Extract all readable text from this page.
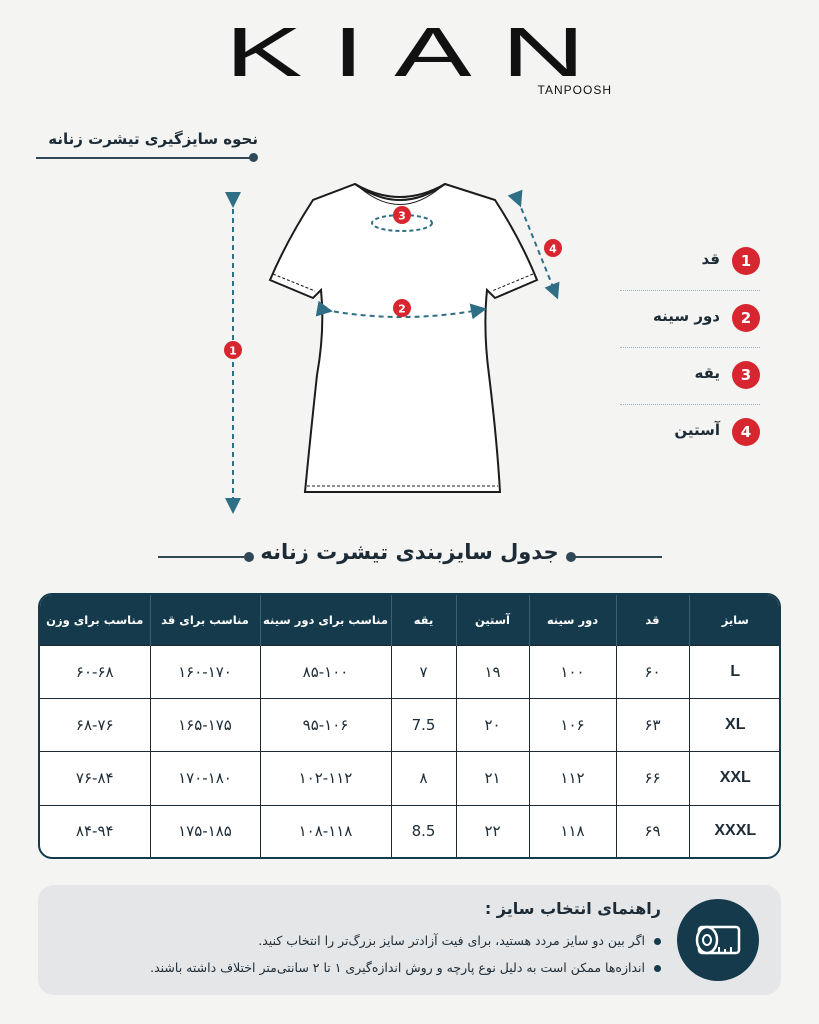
KIAN
TANPOOSH
نحوه سایزگیری تیشرت زنانه
1
2
3
4
1
قد
2
دور سینه
3
یقه
4
آستین
جدول سایزبندی تیشرت زنانه
سایز	قد	دور سینه	آستین	یقه	مناسب برای دور سینه	مناسب برای قد	مناسب برای وزن
L	۶۰	۱۰۰	۱۹	۷	۸۵-۱۰۰	۱۶۰-۱۷۰	۶۰-۶۸
XL	۶۳	۱۰۶	۲۰	7.5	۹۵-۱۰۶	۱۶۵-۱۷۵	۶۸-۷۶
XXL	۶۶	۱۱۲	۲۱	۸	۱۰۲-۱۱۲	۱۷۰-۱۸۰	۷۶-۸۴
XXXL	۶۹	۱۱۸	۲۲	8.5	۱۰۸-۱۱۸	۱۷۵-۱۸۵	۸۴-۹۴
راهنمای انتخاب سایز :
اگر بین دو سایز مردد هستید، برای فیت آزادتر سایز بزرگ‌تر را انتخاب کنید.
اندازه‌ها ممکن است به دلیل نوع پارچه و روش اندازه‌گیری ۱ تا ۲ سانتی‌متر اختلاف داشته باشند.
